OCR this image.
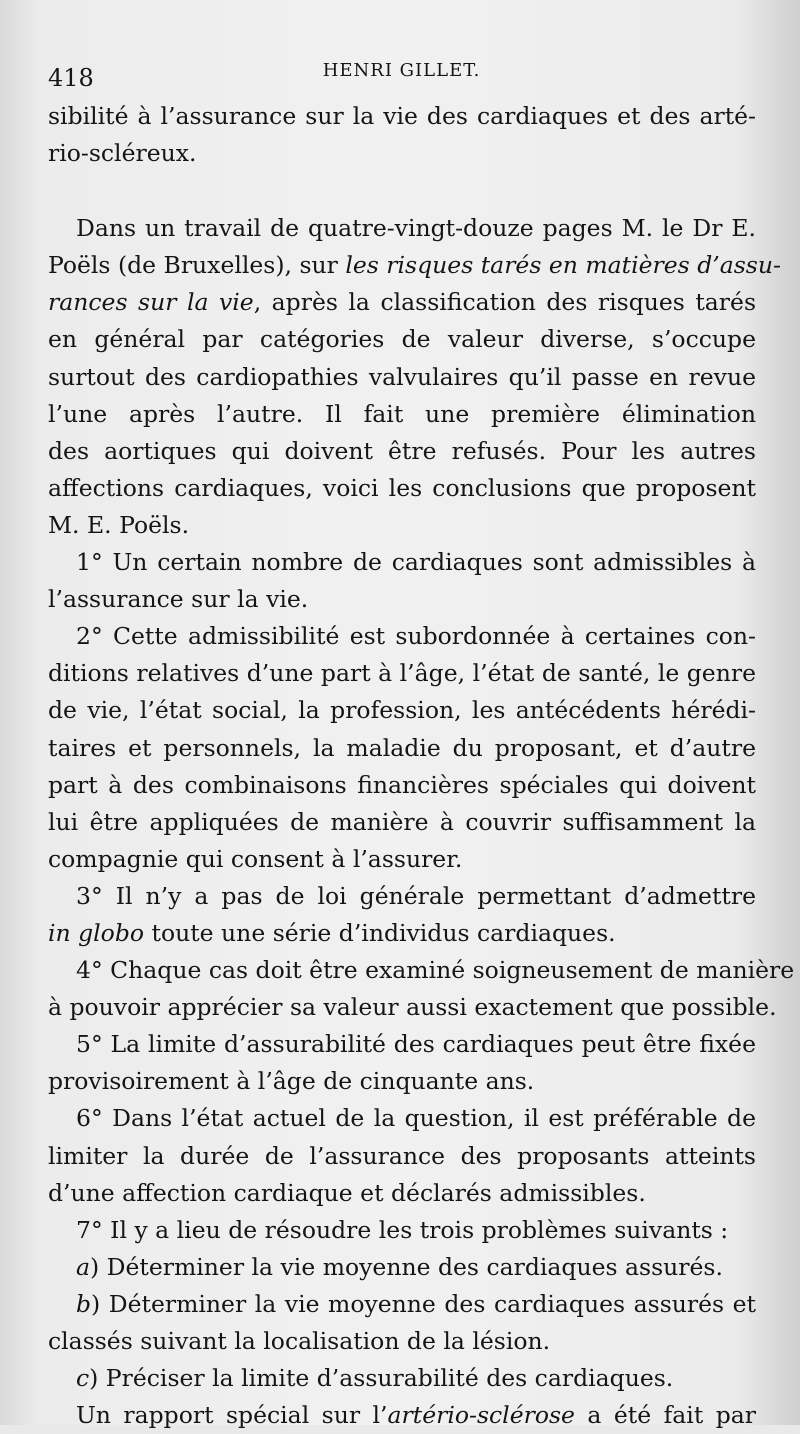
418	HENRI GILLET.
sibilité à l’assurance sur la vie des cardiaques et des arté-
rio-scléreux.
Dans un travail de quatre-vingt-douze pages M. le Dr E.
Poëls (de Bruxelles), sur les risques tarés en matières d’assu-
rances sur la vie, après la classification des risques tarés
en général par catégories de valeur diverse, s’occupe
surtout des cardiopathies valvulaires qu’il passe en revue
l’une après l’autre. Il fait une première élimination
des aortiques qui doivent être refusés. Pour les autres
affections cardiaques, voici les conclusions que proposent
M. E. Poëls.
1° Un certain nombre de cardiaques sont admissibles à
l’assurance sur la vie.
2° Cette admissibilité est subordonnée à certaines con-
ditions relatives d’une part à l’âge, l’état de santé, le genre
de vie, l’état social, la profession, les antécédents hérédi-
taires et personnels, la maladie du proposant, et d’autre
part à des combinaisons financières spéciales qui doivent
lui être appliquées de manière à couvrir suffisamment la
compagnie qui consent à l’assurer.
3° Il n’y a pas de loi générale permettant d’admettre
in globo toute une série d’individus cardiaques.
4° Chaque cas doit être examiné soigneusement de manière
à pouvoir apprécier sa valeur aussi exactement que possible.
5° La limite d’assurabilité des cardiaques peut être fixée
provisoirement à l’âge de cinquante ans.
6° Dans l’état actuel de la question, il est préférable de
limiter la durée de l’assurance des proposants atteints
d’une affection cardiaque et déclarés admissibles.
7° Il y a lieu de résoudre les trois problèmes suivants :
a) Déterminer la vie moyenne des cardiaques assurés.
b) Déterminer la vie moyenne des cardiaques assurés et
classés suivant la localisation de la lésion.
c) Préciser la limite d’assurabilité des cardiaques.
Un rapport spécial sur l’artério-sclérose a été fait par
